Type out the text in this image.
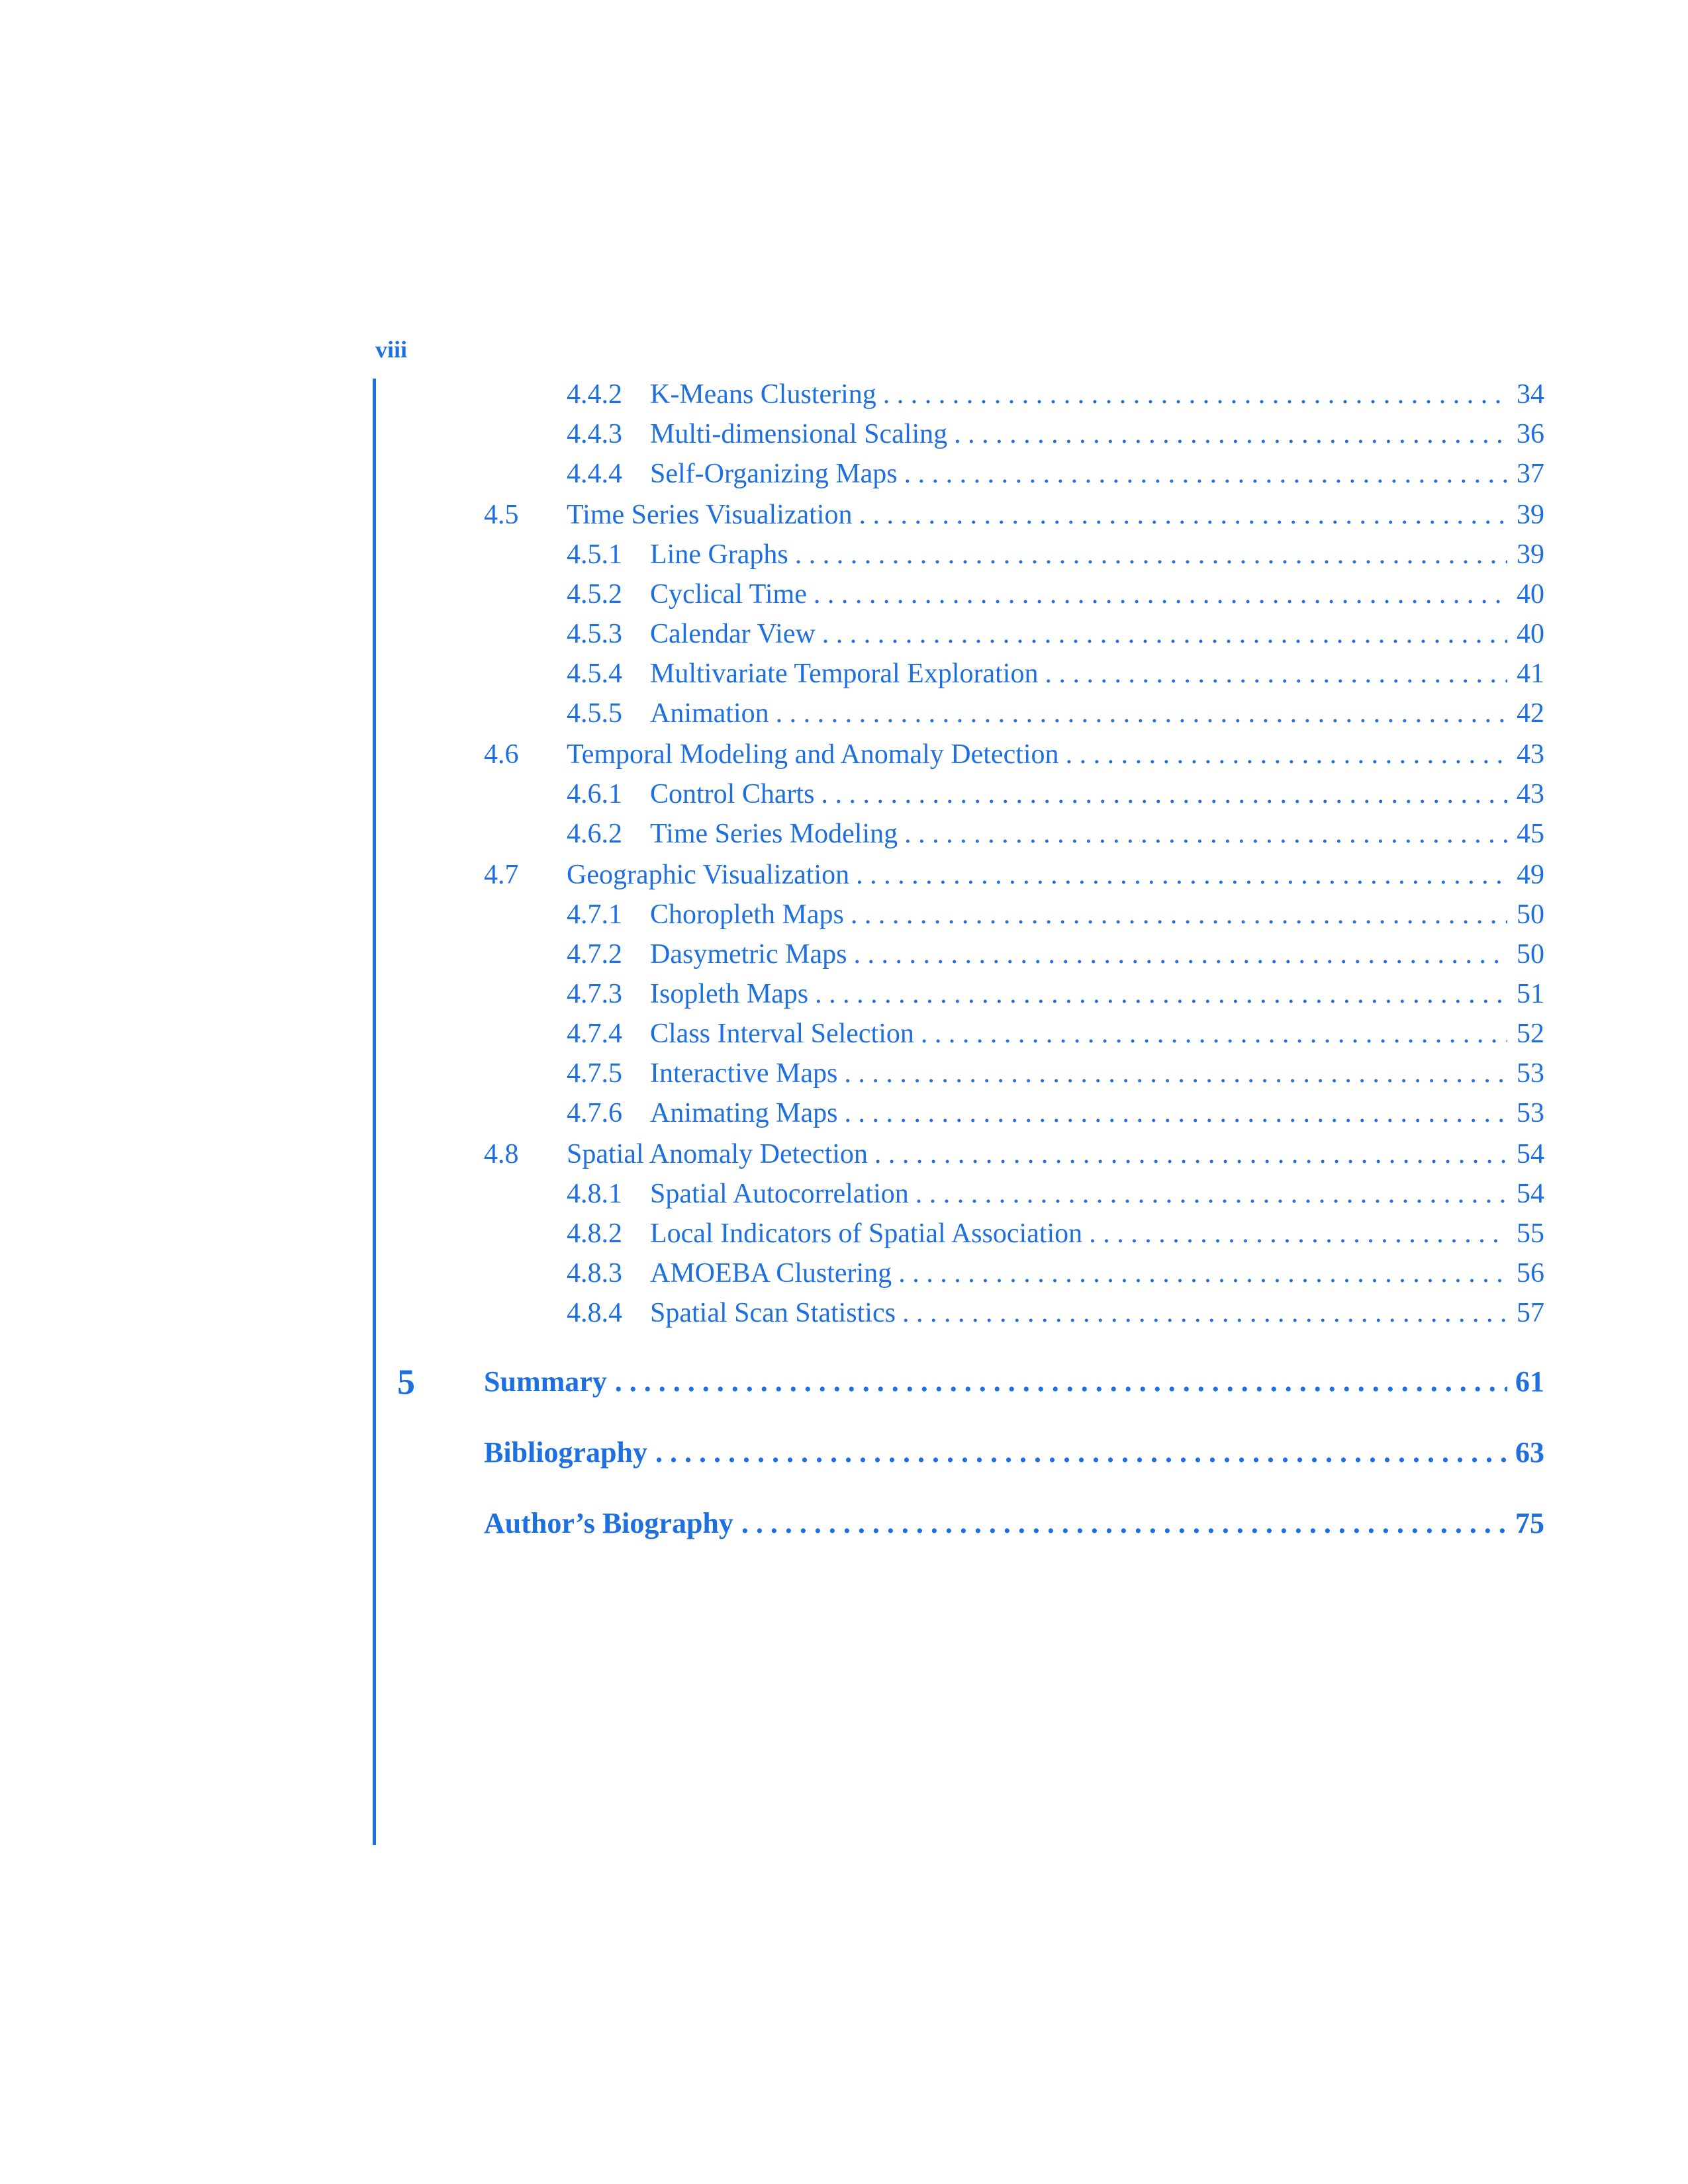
viii
4.4.2	K-Means Clustering . . .	34
4.4.3	Multi-dimensional Scaling . . .	36
4.4.4	Self-Organizing Maps . . .	37
4.5	Time Series Visualization . . .	39
4.5.1	Line Graphs . . .	39
4.5.2	Cyclical Time . . .	40
4.5.3	Calendar View . . .	40
4.5.4	Multivariate Temporal Exploration . . .	41
4.5.5	Animation . . .	42
4.6	Temporal Modeling and Anomaly Detection . . .	43
4.6.1	Control Charts . . .	43
4.6.2	Time Series Modeling . . .	45
4.7	Geographic Visualization . . .	49
4.7.1	Choropleth Maps . . .	50
4.7.2	Dasymetric Maps . . .	50
4.7.3	Isopleth Maps . . .	51
4.7.4	Class Interval Selection . . .	52
4.7.5	Interactive Maps . . .	53
4.7.6	Animating Maps . . .	53
4.8	Spatial Anomaly Detection . . .	54
4.8.1	Spatial Autocorrelation . . .	54
4.8.2	Local Indicators of Spatial Association . . .	55
4.8.3	AMOEBA Clustering . . .	56
4.8.4	Spatial Scan Statistics . . .	57
5 Summary . . .	61
Bibliography . . .	63
Author’s Biography . . .	75
